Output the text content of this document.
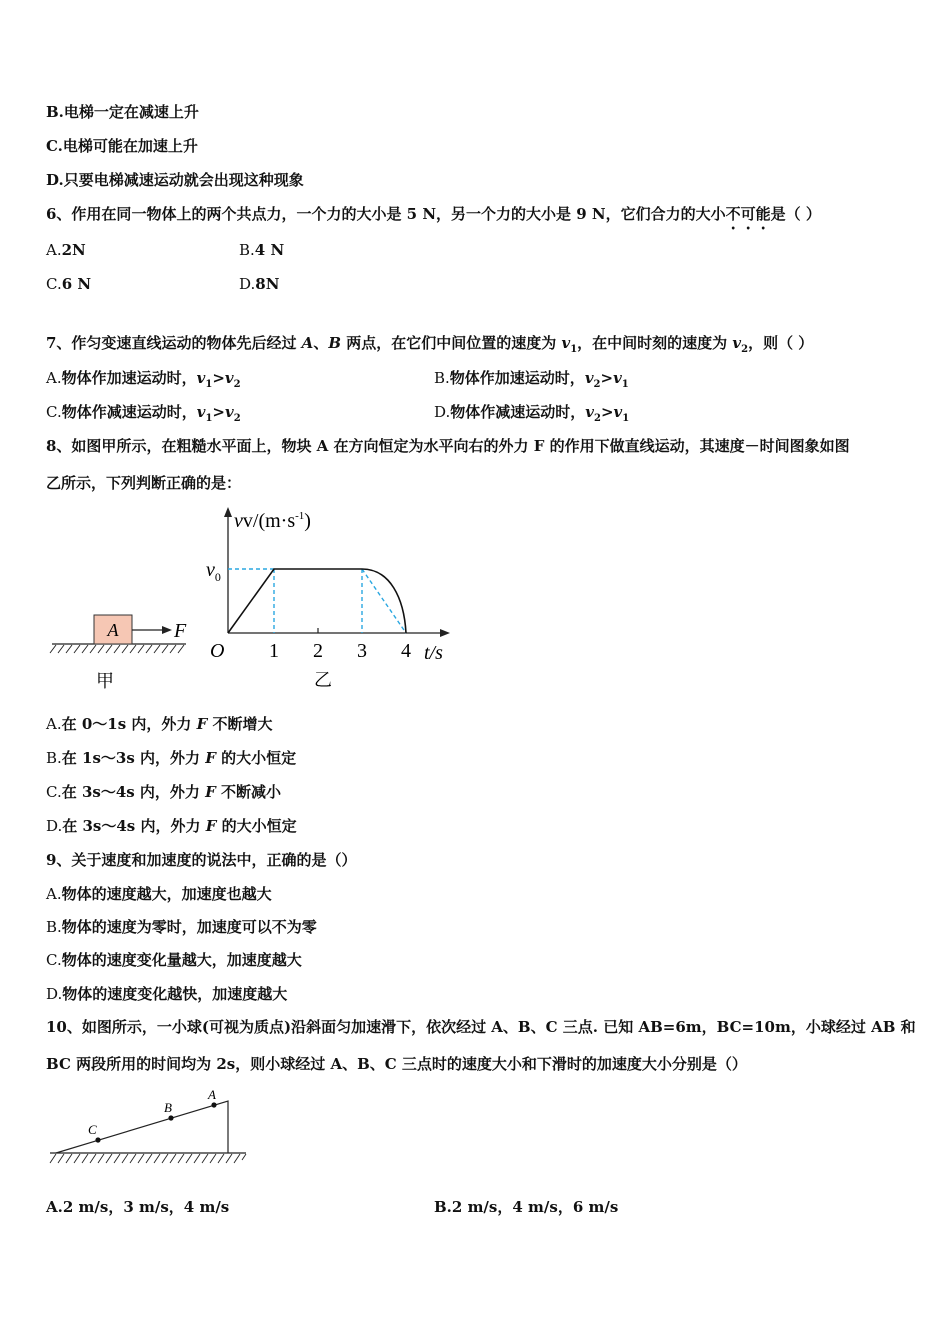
B.电梯一定在减速上升
C.电梯可能在加速上升
D.只要电梯减速运动就会出现这种现象
6、作用在同一物体上的两个共点力，一个力的大小是 5 N，另一个力的大小是 9 N，它们合力的大小不可能是（ ）
A.2N	B.4 N
C.6 N	D.8N
7、作匀变速直线运动的物体先后经过 A、B 两点，在它们中间位置的速度为 $v_1$，在中间时刻的速度为 $v_2$，则（ ）
A.物体作加速运动时，$v_1>v_2$	B.物体作加速运动时，$v_2>v_1$
C.物体作减速运动时，$v_1>v_2$	D.物体作减速运动时，$v_2>v_1$
8、如图甲所示，在粗糙水平面上，物块 A 在方向恒定为水平向右的外力 F 的作用下做直线运动，其速度－时间图象如图
乙所示，下列判断正确的是：
A	F
甲
$vv/(m\cdot s^{-1})$
$v_0$
O 1 2 3 4 t/s
乙
A.在 0～1s 内，外力 F 不断增大
B.在 1s～3s 内，外力 F 的大小恒定
C.在 3s～4s 内，外力 F 不断减小
D.在 3s～4s 内，外力 F 的大小恒定
9、关于速度和加速度的说法中，正确的是（）
A.物体的速度越大，加速度也越大
B.物体的速度为零时，加速度可以不为零
C.物体的速度变化量越大，加速度越大
D.物体的速度变化越快，加速度越大
10、如图所示，一小球(可视为质点)沿斜面匀加速滑下，依次经过 A、B、C 三点. 已知 AB=6m，BC=10m，小球经过 AB 和
BC 两段所用的时间均为 2s，则小球经过 A、B、C 三点时的速度大小和下滑时的加速度大小分别是（）
A
B
C
A.2 m/s，3 m/s，4 m/s	B.2 m/s，4 m/s，6 m/s
